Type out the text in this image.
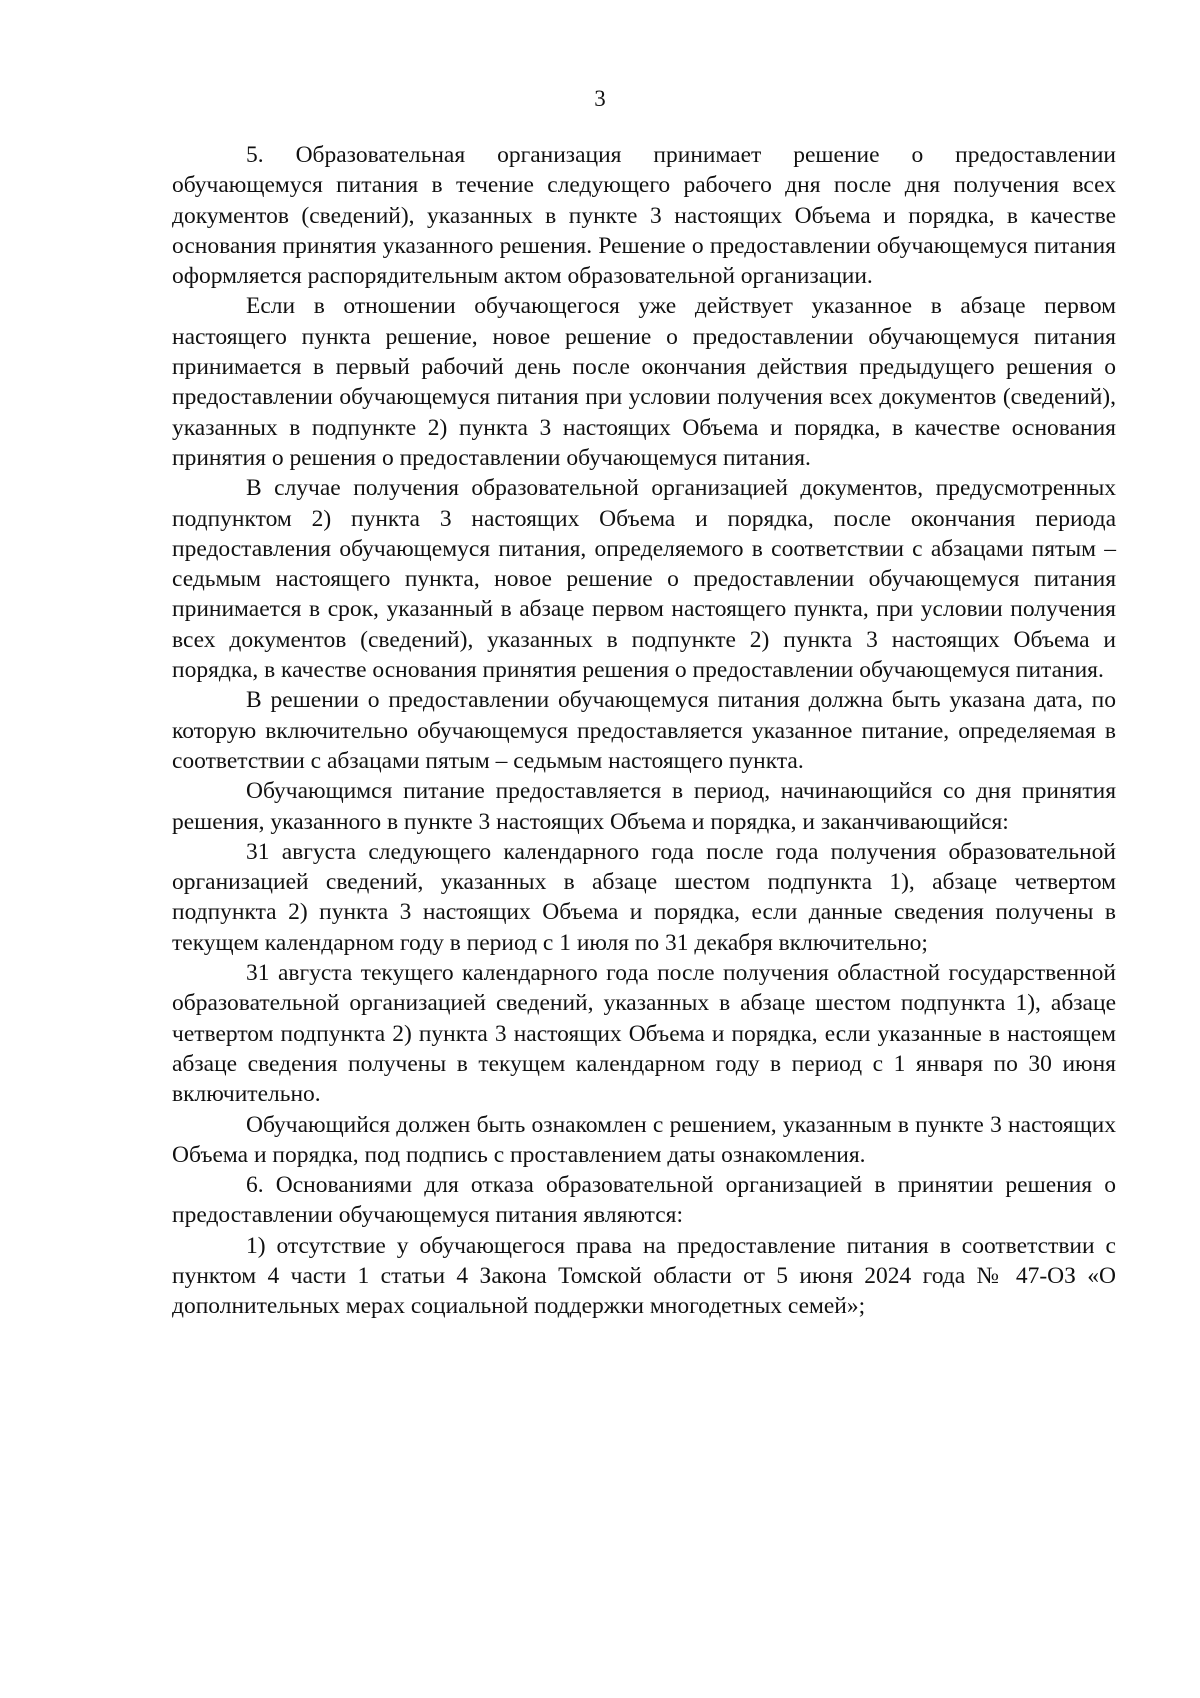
3

5. Образовательная организация принимает решение о предоставлении обучающемуся питания в течение следующего рабочего дня после дня получения всех документов (сведений), указанных в пункте 3 настоящих Объема и порядка, в качестве основания принятия указанного решения. Решение о предоставлении обучающемуся питания оформляется распорядительным актом образовательной организации.

Если в отношении обучающегося уже действует указанное в абзаце первом настоящего пункта решение, новое решение о предоставлении обучающемуся питания принимается в первый рабочий день после окончания действия предыдущего решения о предоставлении обучающемуся питания при условии получения всех документов (сведений), указанных в подпункте 2) пункта 3 настоящих Объема и порядка, в качестве основания принятия о решения о предоставлении обучающемуся питания.

В случае получения образовательной организацией документов, предусмотренных подпунктом 2) пункта 3 настоящих Объема и порядка, после окончания периода предоставления обучающемуся питания, определяемого в соответствии с абзацами пятым – седьмым настоящего пункта, новое решение о предоставлении обучающемуся питания принимается в срок, указанный в абзаце первом настоящего пункта, при условии получения всех документов (сведений), указанных в подпункте 2) пункта 3 настоящих Объема и порядка, в качестве основания принятия решения о предоставлении обучающемуся питания.

В решении о предоставлении обучающемуся питания должна быть указана дата, по которую включительно обучающемуся предоставляется указанное питание, определяемая в соответствии с абзацами пятым – седьмым настоящего пункта.

Обучающимся питание предоставляется в период, начинающийся со дня принятия решения, указанного в пункте 3 настоящих Объема и порядка, и заканчивающийся:

31 августа следующего календарного года после года получения образовательной организацией сведений, указанных в абзаце шестом подпункта 1), абзаце четвертом подпункта 2) пункта 3 настоящих Объема и порядка, если данные сведения получены в текущем календарном году в период с 1 июля по 31 декабря включительно;

31 августа текущего календарного года после получения областной государственной образовательной организацией сведений, указанных в абзаце шестом подпункта 1), абзаце четвертом подпункта 2) пункта 3 настоящих Объема и порядка, если указанные в настоящем абзаце сведения получены в текущем календарном году в период с 1 января по 30 июня включительно.

Обучающийся должен быть ознакомлен с решением, указанным в пункте 3 настоящих Объема и порядка, под подпись с проставлением даты ознакомления.

6. Основаниями для отказа образовательной организацией в принятии решения о предоставлении обучающемуся питания являются:

1) отсутствие у обучающегося права на предоставление питания в соответствии с пунктом 4 части 1 статьи 4 Закона Томской области от 5 июня 2024 года № 47-ОЗ «О дополнительных мерах социальной поддержки многодетных семей»;
